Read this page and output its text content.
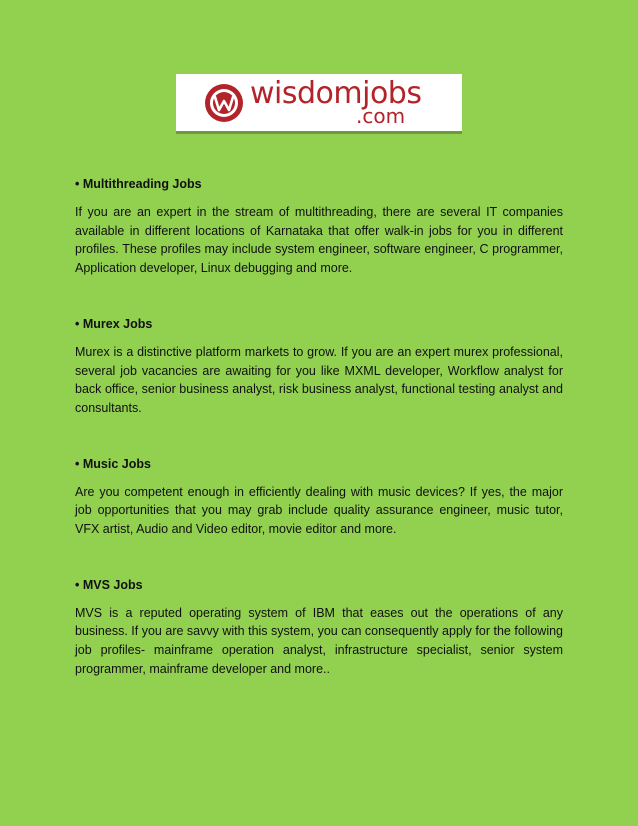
wisdomjobs
.com

• Multithreading Jobs

If you are an expert in the stream of multithreading, there are several IT companies available in different locations of Karnataka that offer walk-in jobs for you in different profiles. These profiles may include system engineer, software engineer, C programmer, Application developer, Linux debugging and more.

• Murex Jobs

Murex is a distinctive platform markets to grow. If you are an expert murex professional, several job vacancies are awaiting for you like MXML developer, Workflow analyst for back office, senior business analyst, risk business analyst, functional testing analyst and consultants.

• Music Jobs

Are you competent enough in efficiently dealing with music devices? If yes, the major job opportunities that you may grab include quality assurance engineer, music tutor, VFX artist, Audio and Video editor, movie editor and more.

• MVS Jobs

MVS is a reputed operating system of IBM that eases out the operations of any business. If you are savvy with this system, you can consequently apply for the following job profiles- mainframe operation analyst, infrastructure specialist, senior system programmer, mainframe developer and more..
